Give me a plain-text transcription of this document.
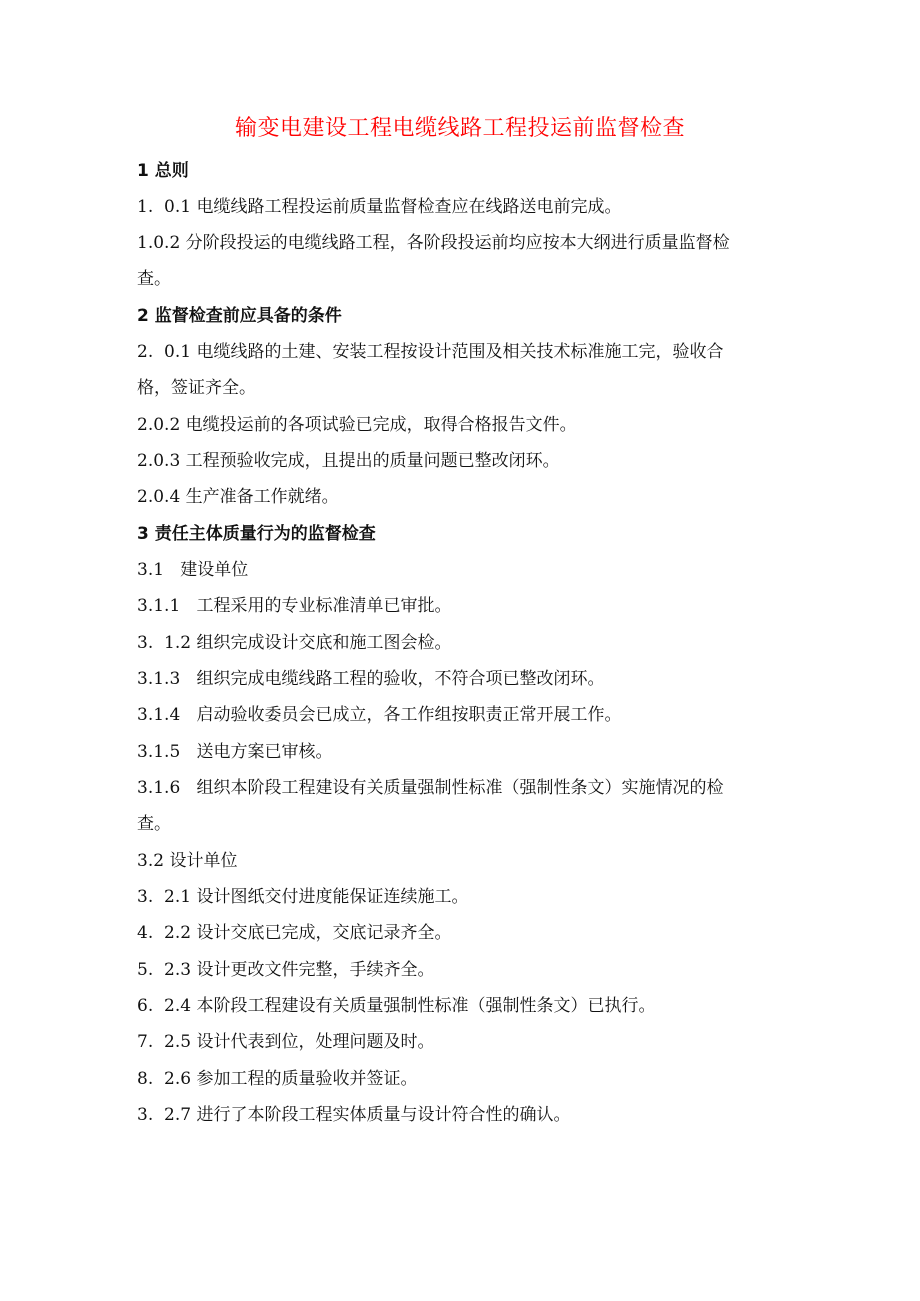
输变电建设工程电缆线路工程投运前监督检查
1 总则
1.  0.1 电缆线路工程投运前质量监督检查应在线路送电前完成。
1.0.2 分阶段投运的电缆线路工程，各阶段投运前均应按本大纲进行质量监督检
查。
2 监督检查前应具备的条件
2.  0.1 电缆线路的土建、安装工程按设计范围及相关技术标准施工完，验收合
格，签证齐全。
2.0.2 电缆投运前的各项试验已完成，取得合格报告文件。
2.0.3 工程预验收完成，且提出的质量问题已整改闭环。
2.0.4 生产准备工作就绪。
3 责任主体质量行为的监督检查
3.1   建设单位
3.1.1   工程采用的专业标准清单已审批。
3.  1.2 组织完成设计交底和施工图会检。
3.1.3   组织完成电缆线路工程的验收，不符合项已整改闭环。
3.1.4   启动验收委员会已成立，各工作组按职责正常开展工作。
3.1.5   送电方案已审核。
3.1.6   组织本阶段工程建设有关质量强制性标准（强制性条文）实施情况的检
查。
3.2 设计单位
3.  2.1 设计图纸交付进度能保证连续施工。
4.  2.2 设计交底已完成，交底记录齐全。
5.  2.3 设计更改文件完整，手续齐全。
6.  2.4 本阶段工程建设有关质量强制性标准（强制性条文）已执行。
7.  2.5 设计代表到位，处理问题及时。
8.  2.6 参加工程的质量验收并签证。
3.  2.7 进行了本阶段工程实体质量与设计符合性的确认。
